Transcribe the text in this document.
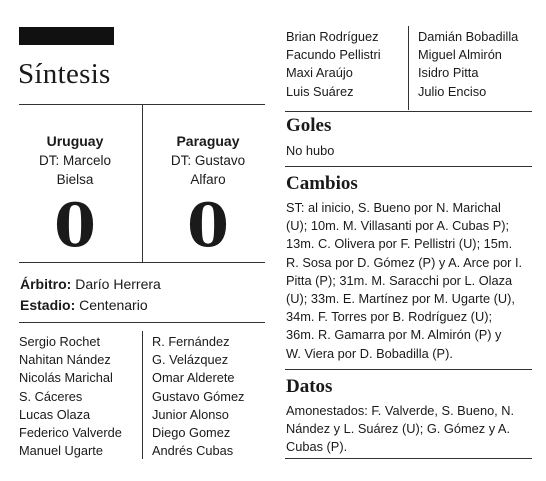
Síntesis
Uruguay
DT: Marcelo
Bielsa
0
Paraguay
DT: Gustavo
Alfaro
0
Árbitro: Darío Herrera
Estadio: Centenario
Sergio Rochet
Nahitan Nández
Nicolás Marichal
S. Cáceres
Lucas Olaza
Federico Valverde
Manuel Ugarte
R. Fernández
G. Velázquez
Omar Alderete
Gustavo Gómez
Junior Alonso
Diego Gomez
Andrés Cubas
Brian Rodríguez
Facundo Pellistri
Maxi Araújo
Luis Suárez
Damián Bobadilla
Miguel Almirón
Isidro Pitta
Julio Enciso
Goles
No hubo
Cambios
ST: al inicio, S. Bueno por N. Marichal
(U); 10m. M. Villasanti por A. Cubas P);
13m. C. Olivera por F. Pellistri (U); 15m.
R. Sosa por D. Gómez (P) y A. Arce por I.
Pitta (P); 31m. M. Saracchi por L. Olaza
(U); 33m. E. Martínez por M. Ugarte (U),
34m. F. Torres por B. Rodríguez (U);
36m. R. Gamarra por M. Almirón (P) y
W. Viera por D. Bobadilla (P).
Datos
Amonestados: F. Valverde, S. Bueno, N.
Nández y L. Suárez (U); G. Gómez y A.
Cubas (P).
